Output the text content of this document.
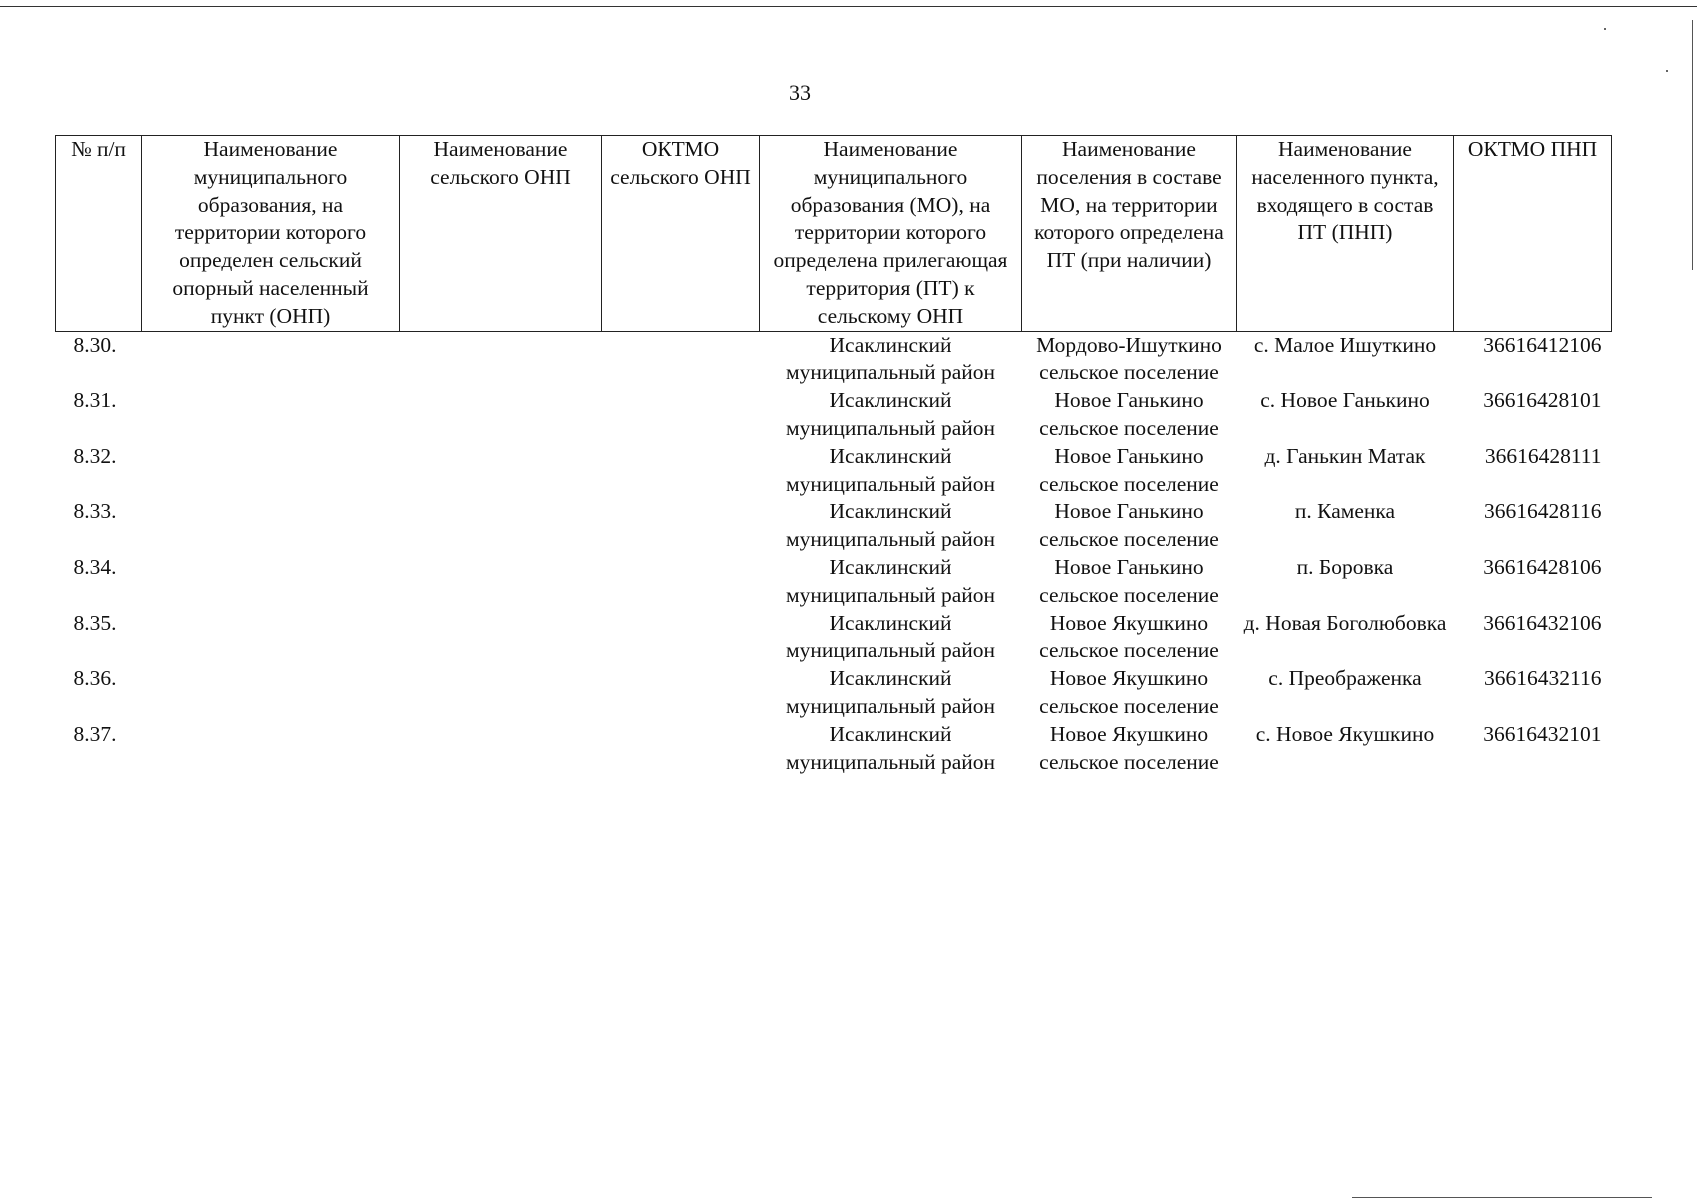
33
№ п/п	Наименование муниципального образования, на территории которого определен сельский опорный населенный пункт (ОНП)	Наименование сельского ОНП	ОКТМО сельского ОНП	Наименование муниципального образования (МО), на территории которого определена прилегающая территория (ПТ) к сельскому ОНП	Наименование поселения в составе МО, на территории которого определена ПТ (при наличии)	Наименование населенного пункта, входящего в состав ПТ (ПНП)	ОКТМО ПНП
8.30.				Исаклинский муниципальный район	Мордово-Ишуткино сельское поселение	с. Малое Ишуткино	36616412106
8.31.				Исаклинский муниципальный район	Новое Ганькино сельское поселение	с. Новое Ганькино	36616428101
8.32.				Исаклинский муниципальный район	Новое Ганькино сельское поселение	д. Ганькин Матак	36616428111
8.33.				Исаклинский муниципальный район	Новое Ганькино сельское поселение	п. Каменка	36616428116
8.34.				Исаклинский муниципальный район	Новое Ганькино сельское поселение	п. Боровка	36616428106
8.35.				Исаклинский муниципальный район	Новое Якушкино сельское поселение	д. Новая Боголюбовка	36616432106
8.36.				Исаклинский муниципальный район	Новое Якушкино сельское поселение	с. Преображенка	36616432116
8.37.				Исаклинский муниципальный район	Новое Якушкино сельское поселение	с. Новое Якушкино	36616432101
